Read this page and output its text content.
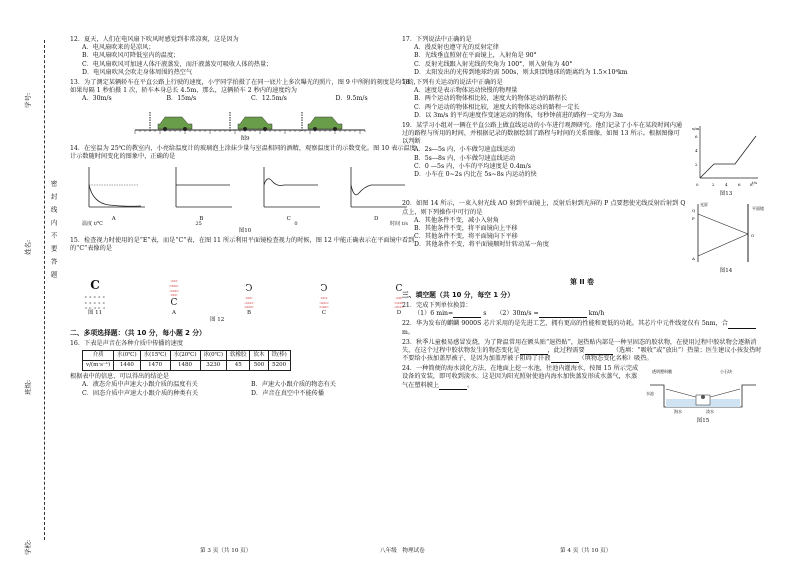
学校:
班级:
姓名:
学号:
密　封　线　内　不　要　答　题
12．夏天，人们在电风扇下吹风时感觉到非常凉爽，这是因为
A．电风扇吹来的是凉风；
B．电风扇吹风可降低室内的温度；
C．电风扇吹风可加速人体汗液蒸发，而汗液蒸发可吸收人体的热量；
D．电风扇吹风会吹走身体周围的热空气
13．为了测定某辆轿车在平直公路上行驶的速度，小宇同学拍摄了在同一底片上多次曝光的照片，图 9 中所附的刻度是均匀的，如果每隔 1 秒拍摄 1 次，轿车本身总长 4.5m，那么，这辆轿车 2 秒内的速度约为
A．30m/s	B．15m/s	C．12.5m/s	D．9.5m/s
图9
14．在室温为 25℃的教室内，小亮给温度计的玻璃泡上涂抹少量与室温相同的酒精，观察温度计的示数变化。图 10 表示温度计示数随时间变化的图象中，正确的是
A	B	C	D
温度 t/℃	25	0	时间 t/s
图10
15．检查视力时使用的是“E”表，而是“C”表，在图 11 所示利用平面镜检查视力的时候，图 12 中能正确表示在平面镜中看到的“C”表像的是
C
ᴄ ɔ ᴄ ɔ ᴄ
ᴄ ɔ ᴄ ɔ ᴄ
ɔ ᴄ ɔ ᴄ ɔ
图 11
ɔɔɔ
ᴄᴄᴄᴄ
ɔɔɔɔ
ᴄᴄᴄ
C
A
Ͻ
ᴄᴄᴄ
ɔɔɔɔ
ᴄᴄᴄᴄ
B
Ͻ
ᴄᴄɔ
ɔᴄᴄɔ
ᴄɔᴄᴄ
C
C
ɔɔᴄ
ᴄɔɔᴄ
ɔᴄɔɔ
D
图 12
二、多项选择题：（共 10 分，每小题 2 分）
16．下表是声音在各种介质中传播的速度
介质	水(0℃)	水(15℃)	水(20℃)	冰(0℃)	软橡胶	软木	铁(棒)
v/(m·s⁻¹)	1440	1470	1480	3230	45	500	5200
根据表中的信息，可以得出的结论是
A．液态介质中声速大小跟介质的温度有关	B．声速大小跟介质的物态有关
C．固态介质中声速大小跟介质的种类有关	D．声音在真空中不能传播
17．下列说法中正确的是
A．漫反射也遵守光的反射定律
B．光线垂直照射在平面镜上，入射角是 90°
C．反射光线跟入射光线的夹角为 100°，则入射角为 40°
D．太阳发出的光传到地球约需 500s，则太阳到地球的距离约为 1.5×10⁸km
18．下列有关运动的说法中正确的是
A．速度是表示物体运动快慢的物理量
B．两个运动的物体相比较，速度大的物体运动的路程长
C．两个运动的物体相比较，速度大的物体运动的路程一定长
D．以 3m/s 的平均速度作变速运动的物体，每秒钟前进的路程一定均为 3m
19．某学习小组对一辆在平直公路上做直线运动的小车进行观测研究。他们记录了小车在某段时间内通过的路程与所用的时间，并根据记录的数据绘制了路程与时间的关系图像，如图 13 所示。根据图像可以判断
A．2s—5s 内，小车做匀速直线运动
B．5s—8s 内，小车做匀速直线运动
C．0 —5s 内，小车的平均速度是 0.4m/s
D．小车在 0~2s 内比在 5s~8s 内运动的快
s/m
t/s
0	2	4	6 8
2
4
6
图13
20．如图 14 所示，一束入射光线 AO 射到平面镜上，反射后射到光屏的 P 点要想使光线反射后射到 Q 点上，则下列操作中可行的是
A．其他条件不变，减小入射角
B．其他条件不变，将平面镜向上平移
C．其他条件不变，将平面镜向下平移
D．其他条件不变，将平面镜顺时针转动某一角度
Q
P
A
O
平面镜
光屏
图14
第 II 卷
三、填空题（共 10 分，每空 1 分）
21．完成下列单位换算：
（1）6 min=	s （2）30m/s =	km/h
22．华为发布的麒麟 9000S 芯片采用的是先进工艺，拥有更高的性能和更低的功耗。其芯片中元件线宽仅有 5nm，合m。
23．秋季儿童极易感冒发烧，为了降温常用在额头贴“退热贴”，退热贴内部是一种呈固态的胶状物，在使用过程中胶状物会逐渐消失，在这个过程中胶状物发生的物态变化是	，此过程需要	（选填：“吸收”或“放出”）热量；医生建议小孩发热时不要给小孩加盖厚被子，是因为加盖厚被子阻碍了汗液	（填物态变化名称）吸热。
24．一种简便的海水淡化方法，在地面上挖一水池，往池内灌海水，按图 15 所示完成设备的安装，即可收到淡水。这是因为阳光照射使池内海水加快蒸发形成水蒸气，水蒸气在塑料膜上	。
透明塑料膜	小石块
水池
海水	淡水
图15
第 3 页（共 10 页）	八年级　物理试卷	第 4 页（共 10 页）
